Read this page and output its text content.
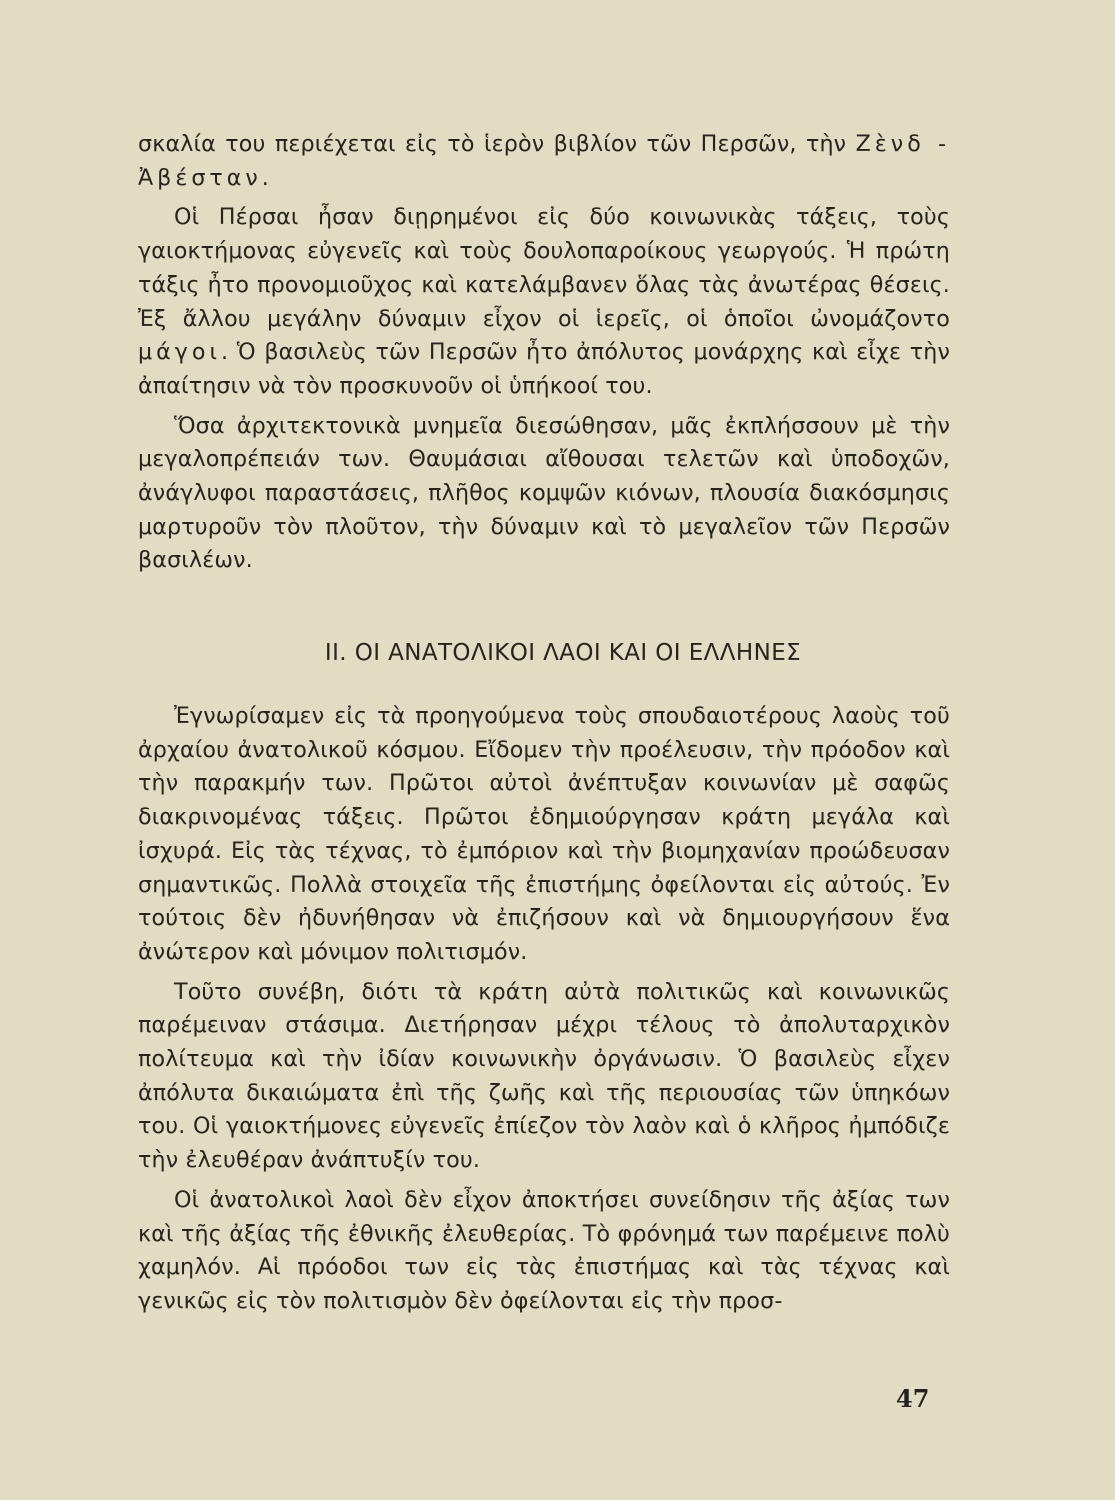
σκαλία του περιέχεται εἰς τὸ ἱερὸν βιβλίον τῶν Περσῶν, τὴν Ζὲνδ - Ἀβέσταν.

Οἱ Πέρσαι ἦσαν διῃρημένοι εἰς δύο κοινωνικὰς τάξεις, τοὺς γαιοκτήμονας εὐγενεῖς καὶ τοὺς δουλοπαροίκους γεωργούς. Ἡ πρώτη τάξις ἦτο προνομιοῦχος καὶ κατελάμβανεν ὅλας τὰς ἀνωτέρας θέσεις. Ἐξ ἄλλου μεγάλην δύναμιν εἶχον οἱ ἱερεῖς, οἱ ὁποῖοι ὠνομάζοντο μάγοι. Ὁ βασιλεὺς τῶν Περσῶν ἦτο ἀπόλυτος μονάρχης καὶ εἶχε τὴν ἀπαίτησιν νὰ τὸν προσκυνοῦν οἱ ὑπήκοοί του.

Ὅσα ἀρχιτεκτονικὰ μνημεῖα διεσώθησαν, μᾶς ἐκπλήσσουν μὲ τὴν μεγαλοπρέπειάν των. Θαυμάσιαι αἴθουσαι τελετῶν καὶ ὑποδοχῶν, ἀνάγλυφοι παραστάσεις, πλῆθος κομψῶν κιόνων, πλουσία διακόσμησις μαρτυροῦν τὸν πλοῦτον, τὴν δύναμιν καὶ τὸ μεγαλεῖον τῶν Περσῶν βασιλέων.

ΙΙ. ΟΙ ΑΝΑΤΟΛΙΚΟΙ ΛΑΟΙ ΚΑΙ ΟΙ ΕΛΛΗΝΕΣ

Ἐγνωρίσαμεν εἰς τὰ προηγούμενα τοὺς σπουδαιοτέρους λαοὺς τοῦ ἀρχαίου ἀνατολικοῦ κόσμου. Εἴδομεν τὴν προέλευσιν, τὴν πρόοδον καὶ τὴν παρακμήν των. Πρῶτοι αὐτοὶ ἀνέπτυξαν κοινωνίαν μὲ σαφῶς διακρινομένας τάξεις. Πρῶτοι ἐδημιούργησαν κράτη μεγάλα καὶ ἰσχυρά. Εἰς τὰς τέχνας, τὸ ἐμπόριον καὶ τὴν βιομηχανίαν προώδευσαν σημαντικῶς. Πολλὰ στοιχεῖα τῆς ἐπιστήμης ὀφείλονται εἰς αὐτούς. Ἐν τούτοις δὲν ἠδυνήθησαν νὰ ἐπιζήσουν καὶ νὰ δημιουργήσουν ἕνα ἀνώτερον καὶ μόνιμον πολιτισμόν.

Τοῦτο συνέβη, διότι τὰ κράτη αὐτὰ πολιτικῶς καὶ κοινωνικῶς παρέμειναν στάσιμα. Διετήρησαν μέχρι τέλους τὸ ἀπολυταρχικὸν πολίτευμα καὶ τὴν ἰδίαν κοινωνικὴν ὀργάνωσιν. Ὁ βασιλεὺς εἶχεν ἀπόλυτα δικαιώματα ἐπὶ τῆς ζωῆς καὶ τῆς περιουσίας τῶν ὑπηκόων του. Οἱ γαιοκτήμονες εὐγενεῖς ἐπίεζον τὸν λαὸν καὶ ὁ κλῆρος ἠμπόδιζε τὴν ἐλευθέραν ἀνάπτυξίν του.

Οἱ ἀνατολικοὶ λαοὶ δὲν εἶχον ἀποκτήσει συνείδησιν τῆς ἀξίας των καὶ τῆς ἀξίας τῆς ἐθνικῆς ἐλευθερίας. Τὸ φρόνημά των παρέμεινε πολὺ χαμηλόν. Αἱ πρόοδοι των εἰς τὰς ἐπιστήμας καὶ τὰς τέχνας καὶ γενικῶς εἰς τὸν πολιτισμὸν δὲν ὀφείλονται εἰς τὴν προσ-

47
